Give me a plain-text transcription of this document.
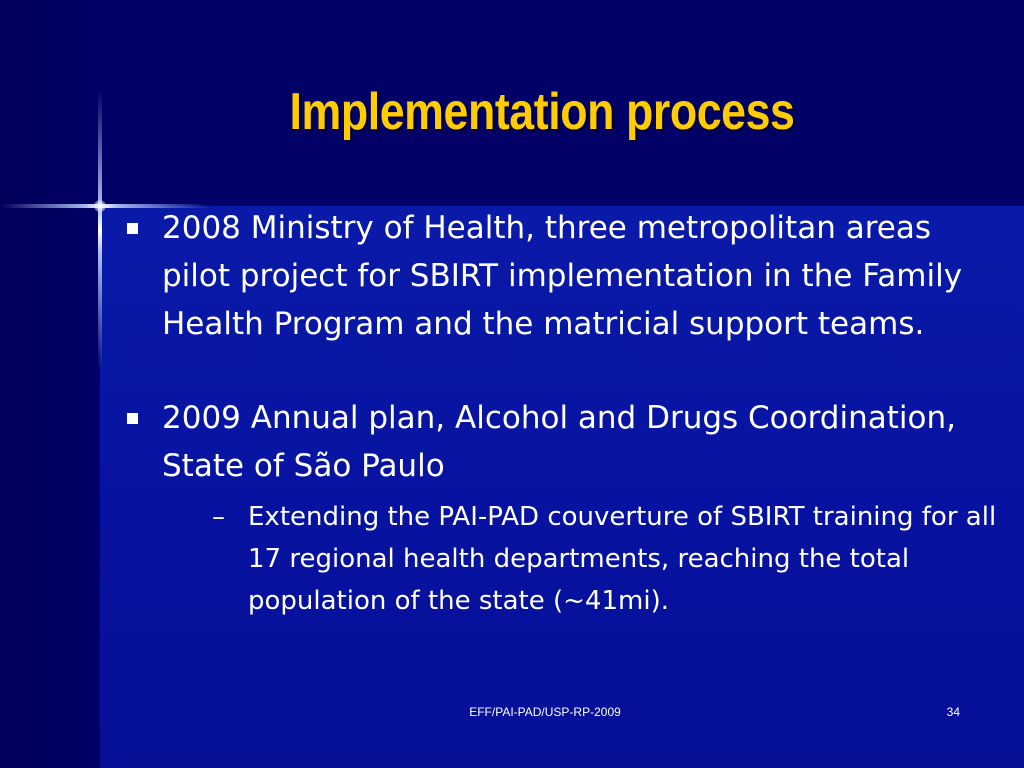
Implementation process
2008 Ministry of Health, three metropolitan areas pilot project for SBIRT implementation in the Family Health Program and the matricial support teams.
2009 Annual plan, Alcohol and Drugs Coordination, State of São Paulo
– Extending the PAI-PAD couverture of SBIRT training for all 17 regional health departments, reaching the total population of the state (~41mi).
EFF/PAI-PAD/USP-RP-2009	34
